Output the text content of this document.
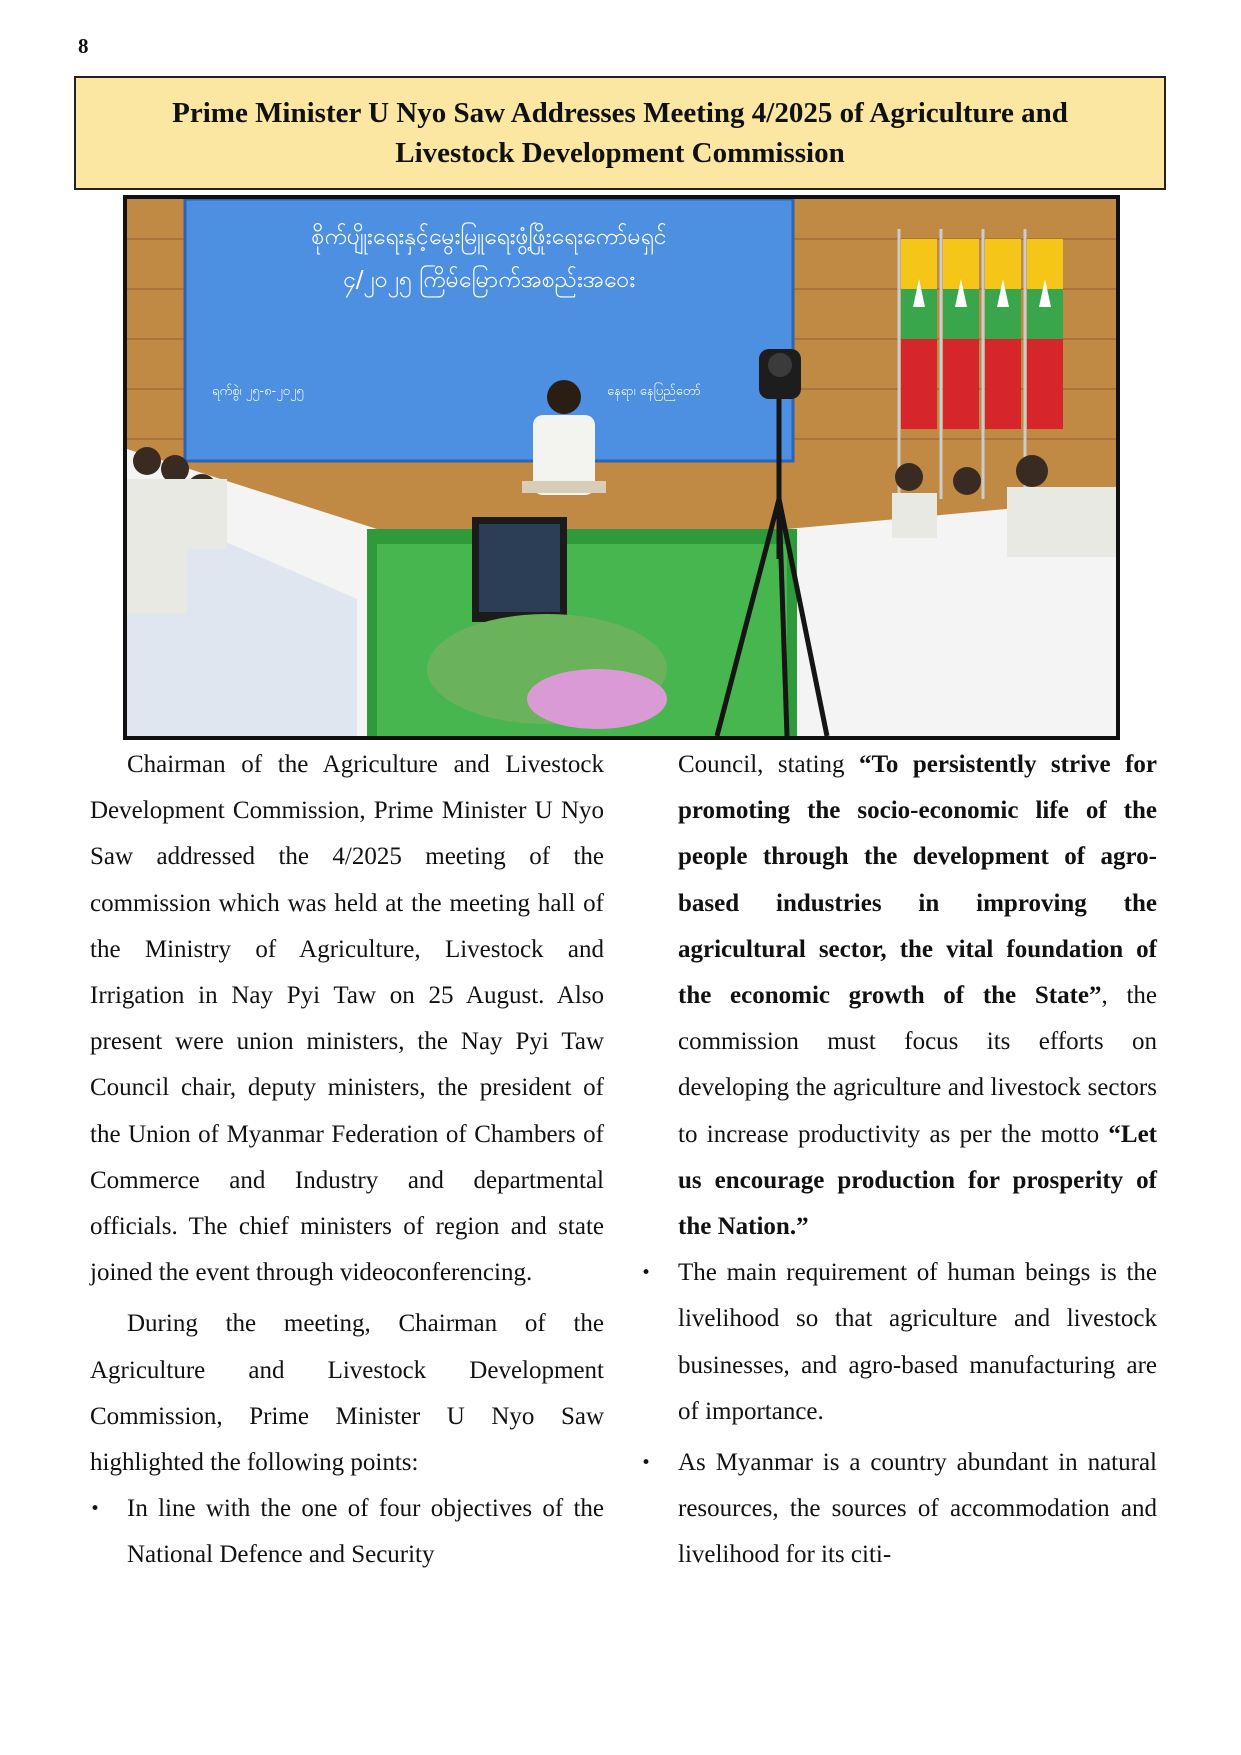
8
Prime Minister U Nyo Saw Addresses Meeting 4/2025 of Agriculture and Livestock Development Commission
စိုက်ပျိုးရေးနှင့်မွေးမြူရေးဖွံ့ဖြိုးရေးကော်မရှင်
၄/၂၀၂၅ ကြိမ်မြောက်အစည်းအဝေး
ရက်စွဲ၊ ၂၅-၈-၂၀၂၅	နေရာ၊ နေပြည်တော်

Chairman of the Agriculture and Livestock Development Commission, Prime Minister U Nyo Saw addressed the 4/2025 meeting of the commission which was held at the meeting hall of the Ministry of Agriculture, Livestock and Irrigation in Nay Pyi Taw on 25 August. Also present were union ministers, the Nay Pyi Taw Council chair, deputy ministers, the president of the Union of Myanmar Federation of Chambers of Commerce and Industry and departmental officials. The chief ministers of region and state joined the event through videoconferencing.

During the meeting, Chairman of the Agriculture and Livestock Development Commission, Prime Minister U Nyo Saw highlighted the following points:

•	In line with the one of four objectives of the National Defence and Security

Council, stating “To persistently strive for promoting the socio-economic life of the people through the development of agro-based industries in improving the agricultural sector, the vital foundation of the economic growth of the State”, the commission must focus its efforts on developing the agriculture and livestock sectors to increase productivity as per the motto “Let us encourage production for prosperity of the Nation.”

•	The main requirement of human beings is the livelihood so that agriculture and livestock businesses, and agro-based manufacturing are of importance.

•	As Myanmar is a country abundant in natural resources, the sources of accommodation and livelihood for its citi-
